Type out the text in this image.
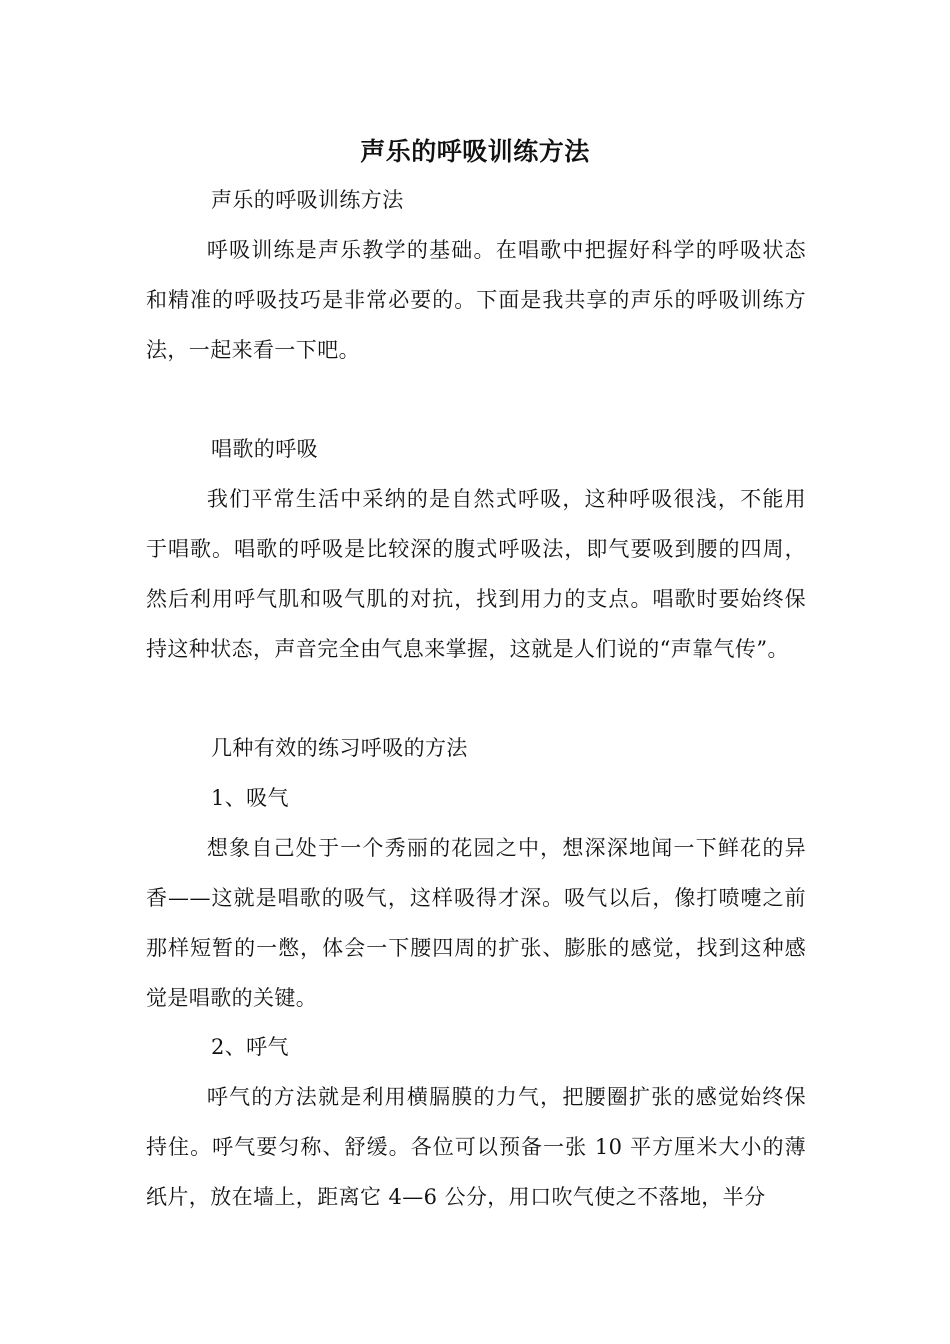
声乐的呼吸训练方法

声乐的呼吸训练方法

呼吸训练是声乐教学的基础。在唱歌中把握好科学的呼吸状态和精准的呼吸技巧是非常必要的。下面是我共享的声乐的呼吸训练方法，一起来看一下吧。

唱歌的呼吸

我们平常生活中采纳的是自然式呼吸，这种呼吸很浅，不能用于唱歌。唱歌的呼吸是比较深的腹式呼吸法，即气要吸到腰的四周，然后利用呼气肌和吸气肌的对抗，找到用力的支点。唱歌时要始终保持这种状态，声音完全由气息来掌握，这就是人们说的“声靠气传”。

几种有效的练习呼吸的方法

1、吸气

想象自己处于一个秀丽的花园之中，想深深地闻一下鲜花的异香——这就是唱歌的吸气，这样吸得才深。吸气以后，像打喷嚏之前那样短暂的一憋，体会一下腰四周的扩张、膨胀的感觉，找到这种感觉是唱歌的关键。

2、呼气

呼气的方法就是利用横膈膜的力气，把腰圈扩张的感觉始终保持住。呼气要匀称、舒缓。各位可以预备一张 10 平方厘米大小的薄纸片，放在墙上，距离它 4—6 公分，用口吹气使之不落地，半分
